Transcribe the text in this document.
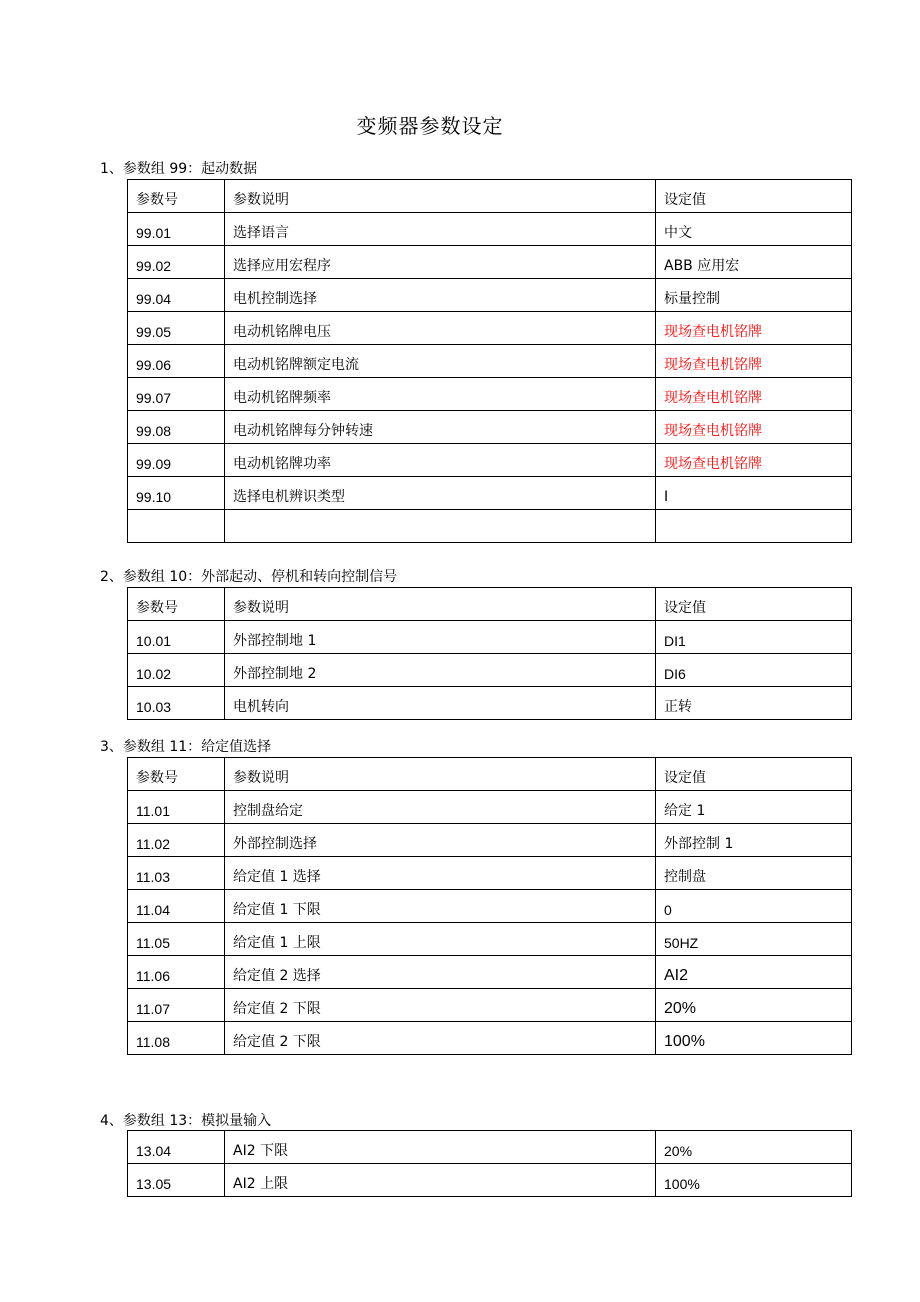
变频器参数设定
1、参数组 99：起动数据
参数号	参数说明	设定值
99.01	选择语言	中文
99.02	选择应用宏程序	ABB 应用宏
99.04	电机控制选择	标量控制
99.05	电动机铭牌电压	现场查电机铭牌
99.06	电动机铭牌额定电流	现场查电机铭牌
99.07	电动机铭牌频率	现场查电机铭牌
99.08	电动机铭牌每分钟转速	现场查电机铭牌
99.09	电动机铭牌功率	现场查电机铭牌
99.10	选择电机辨识类型	I

2、参数组 10：外部起动、停机和转向控制信号
参数号	参数说明	设定值
10.01	外部控制地 1	DI1
10.02	外部控制地 2	DI6
10.03	电机转向	正转
3、参数组 11：给定值选择
参数号	参数说明	设定值
11.01	控制盘给定	给定 1
11.02	外部控制选择	外部控制 1
11.03	给定值 1 选择	控制盘
11.04	给定值 1 下限	0
11.05	给定值 1 上限	50HZ
11.06	给定值 2 选择	AI2
11.07	给定值 2 下限	20%
11.08	给定值 2 下限	100%
4、参数组 13：模拟量输入
13.04	AI2 下限	20%
13.05	AI2 上限	100%
